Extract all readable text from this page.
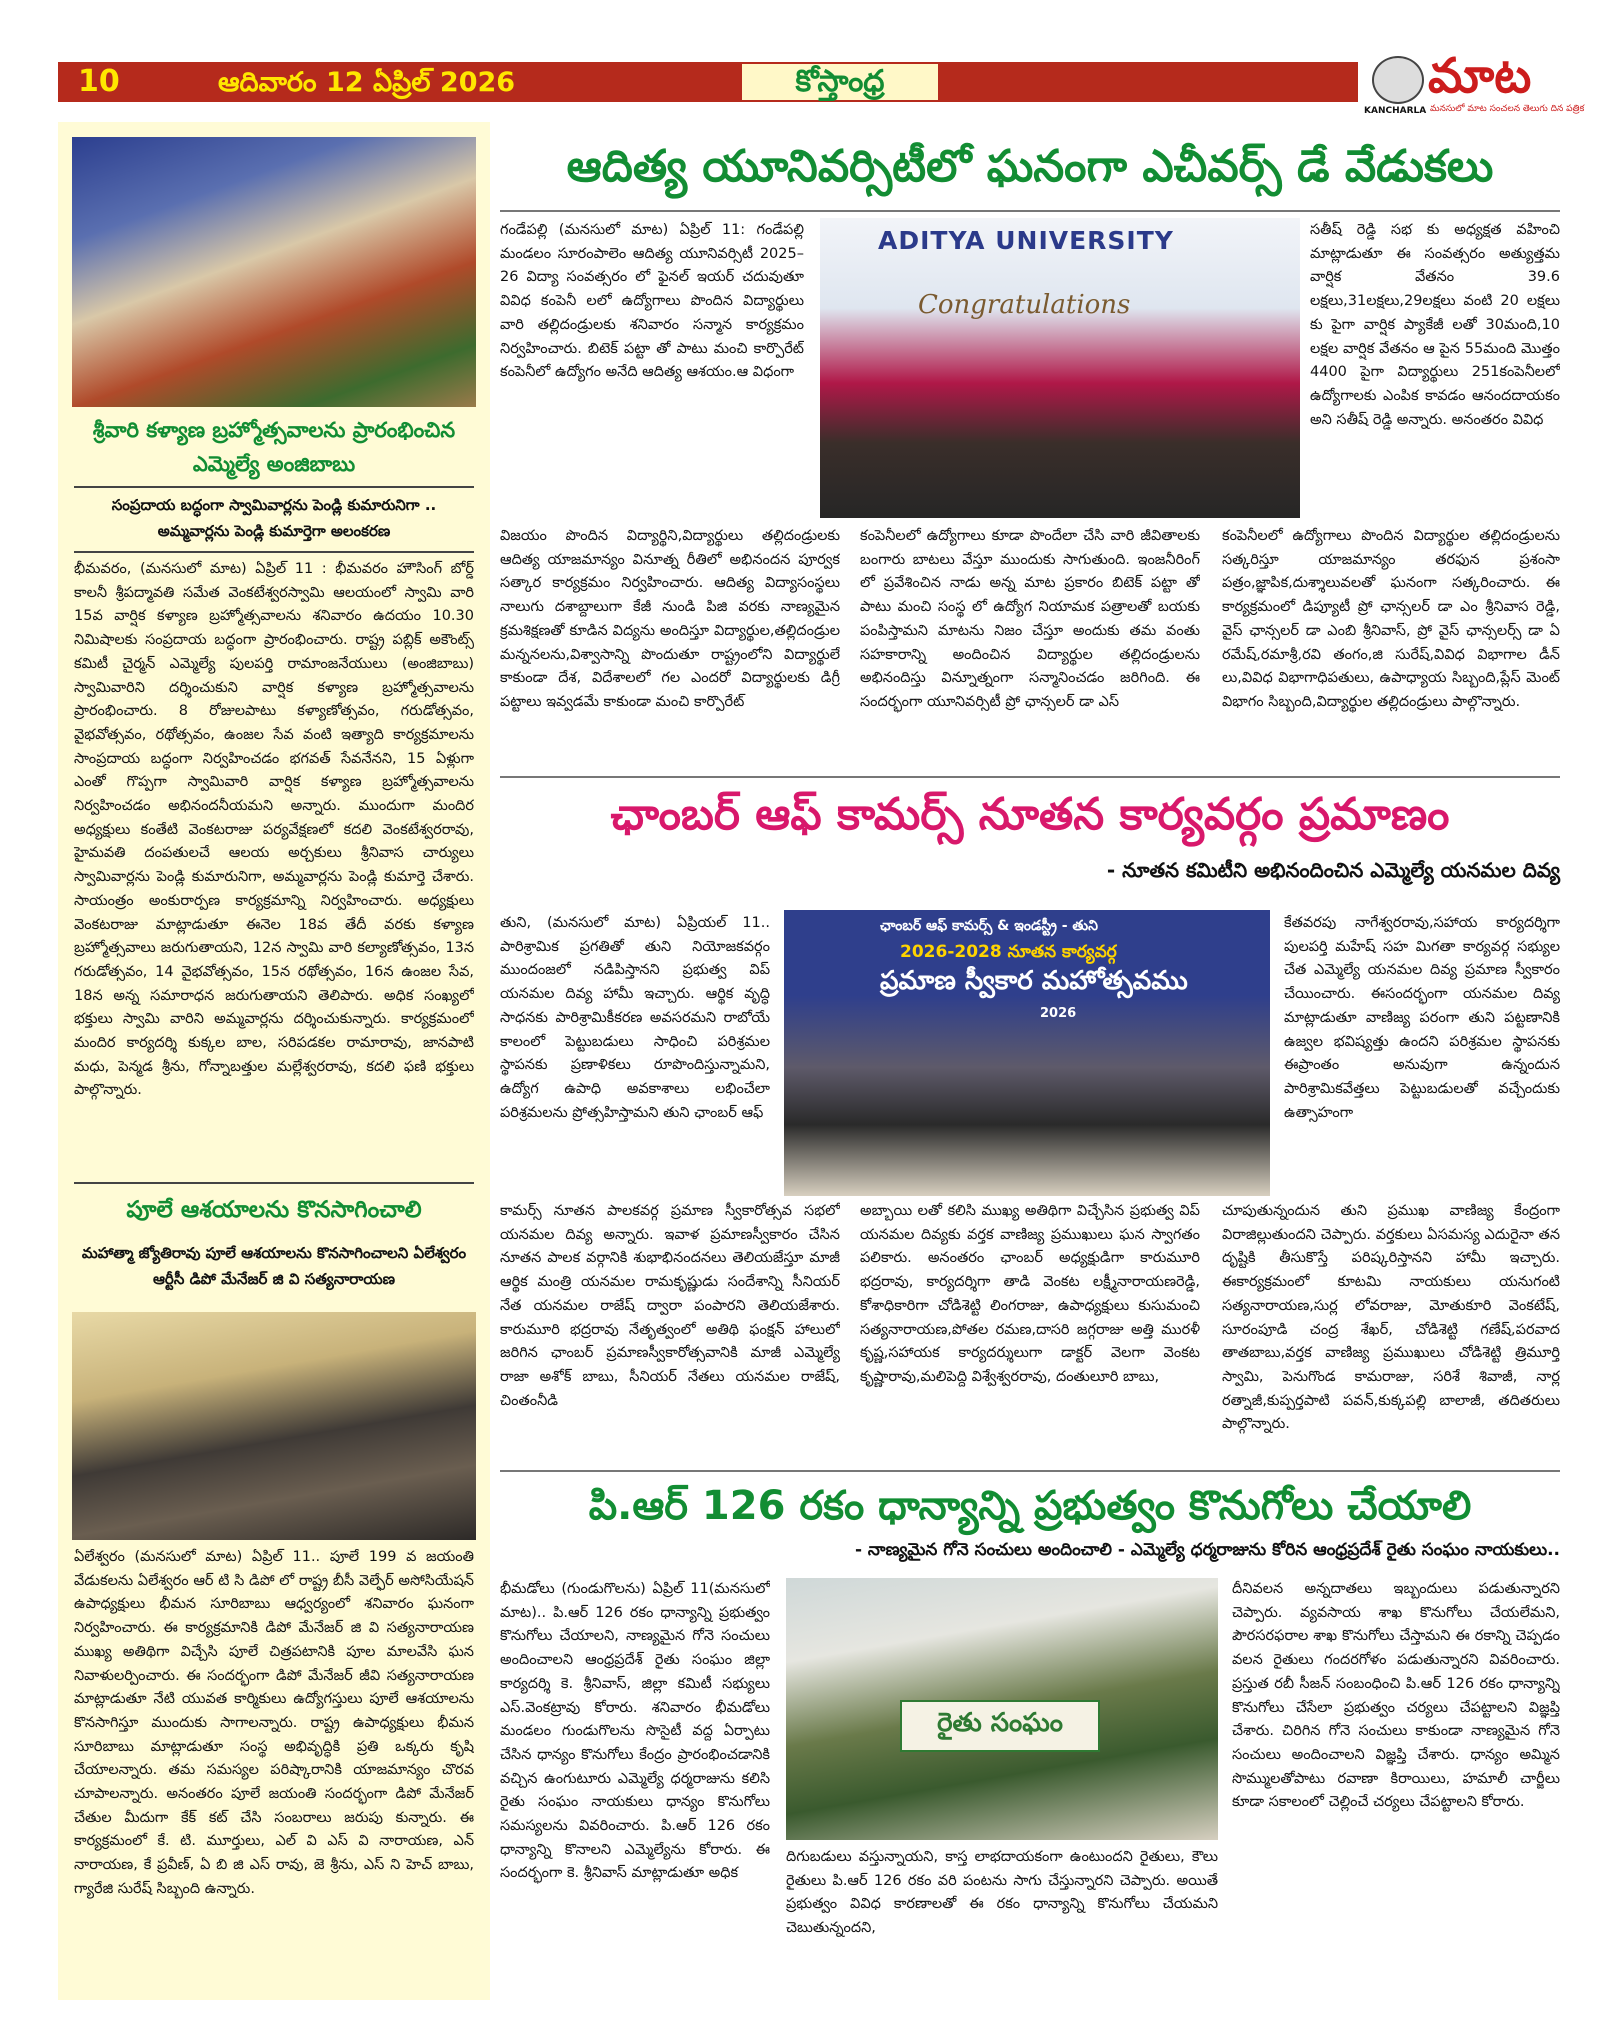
10	ఆదివారం 12 ఏప్రిల్ 2026	కోస్తాంధ్ర
KANCHARLA
మాట
మనసులో మాట సంచలన తెలుగు దిన పత్రిక
శ్రీవారి కళ్యాణ బ్రహ్మోత్సవాలను ప్రారంభించిన ఎమ్మెల్యే అంజిబాబు
సంప్రదాయ బద్ధంగా స్వామివార్లను పెండ్లి కుమారునిగా .. అమ్మవార్లను పెండ్లి కుమార్తెగా అలంకరణ
భీమవరం, (మనసులో మాట) ఏప్రిల్ 11 : భీమవరం హౌసింగ్ బోర్డ్ కాలనీ శ్రీపద్మావతి సమేత వెంకటేశ్వరస్వామి ఆలయంలో స్వామి వారి 15వ వార్షిక కళ్యాణ బ్రహ్మోత్సవాలను శనివారం ఉదయం 10.30 నిమిషాలకు సంప్రదాయ బద్ధంగా ప్రారంభించారు. రాష్ట్ర పబ్లిక్ అకౌంట్స్ కమిటీ చైర్మన్ ఎమ్మెల్యే పులపర్తి రామాంజనేయులు (అంజిబాబు) స్వామివారిని దర్శించుకుని వార్షిక కళ్యాణ బ్రహ్మోత్సవాలను ప్రారంభించారు. 8 రోజులపాటు కళ్యాణోత్సవం, గరుడోత్సవం, వైభవోత్సవం, రథోత్సవం, ఉంజల సేవ వంటి ఇత్యాది కార్యక్రమాలను సాంప్రదాయ బద్ధంగా నిర్వహించడం భగవత్ సేవనేనని, 15 ఏళ్లుగా ఎంతో గొప్పగా స్వామివారి వార్షిక కళ్యాణ బ్రహ్మోత్సవాలను నిర్వహించడం అభినందనీయమని అన్నారు. ముందుగా మందిర అధ్యక్షులు కంతేటి వెంకటరాజు పర్యవేక్షణలో కదలి వెంకటేశ్వరరావు, హైమవతి దంపతులచే ఆలయ అర్చకులు శ్రీనివాస చార్యులు స్వామివార్లను పెండ్లి కుమారునిగా, అమ్మవార్లను పెండ్లి కుమార్తె చేశారు. సాయంత్రం అంకురార్పణ కార్యక్రమాన్ని నిర్వహించారు. అధ్యక్షులు వెంకటరాజు మాట్లాడుతూ ఈనెల 18వ తేదీ వరకు కళ్యాణ బ్రహ్మోత్సవాలు జరుగుతాయని, 12న స్వామి వారి కల్యాణోత్సవం, 13న గరుడోత్సవం, 14 వైభవోత్సవం, 15న రథోత్సవం, 16న ఉంజల సేవ, 18న అన్న సమారాధన జరుగుతాయని తెలిపారు. అధిక సంఖ్యలో భక్తులు స్వామి వారిని అమ్మవార్లను దర్శించుకున్నారు. కార్యక్రమంలో మందిర కార్యదర్శి కుక్కల బాల, సరిపడకల రామారావు, జానపాటి మధు, పెన్మడ శ్రీను, గోన్నాబత్తుల మల్లేశ్వరరావు, కదలి ఫణి భక్తులు పాల్గొన్నారు.
పూలే ఆశయాలను కొనసాగించాలి
మహాత్మా జ్యోతిరావు పూలే ఆశయాలను కొనసాగించాలని ఏలేశ్వరం ఆర్టీసీ డిపో మేనేజర్ జి వి సత్యనారాయణ
ఏలేశ్వరం (మనసులో మాట) ఏప్రిల్ 11.. పూలే 199 వ జయంతి వేడుకలను ఏలేశ్వరం ఆర్ టి సి డిపో లో రాష్ట్ర బీసీ వెల్ఫేర్ అసోసియేషన్ ఉపాధ్యక్షులు భీమన సూరిబాబు ఆధ్వర్యంలో శనివారం ఘనంగా నిర్వహించారు. ఈ కార్యక్రమానికి డిపో మేనేజర్ జి వి సత్యనారాయణ ముఖ్య అతిథిగా విచ్చేసి పూలే చిత్రపటానికి పూల మాలవేసి ఘన నివాళులర్పించారు. ఈ సందర్భంగా డిపో మేనేజర్ జీవి సత్యనారాయణ మాట్లాడుతూ నేటి యువత కార్మికులు ఉద్యోగస్తులు పూలే ఆశయాలను కొనసాగిస్తూ ముందుకు సాగాలన్నారు. రాష్ట్ర ఉపాధ్యక్షులు భీమన సూరిబాబు మాట్లాడుతూ సంస్థ అభివృద్ధికి ప్రతి ఒక్కరు కృషి చేయాలన్నారు. తమ సమస్యల పరిష్కారానికి యాజమాన్యం చొరవ చూపాలన్నారు. అనంతరం పూలే జయంతి సందర్భంగా డిపో మేనేజర్ చేతుల మీదుగా కేక్ కట్ చేసి సంబరాలు జరుపు కున్నారు. ఈ కార్యక్రమంలో కే. టి. మూర్తులు, ఎల్ వి ఎస్ వి నారాయణ, ఎన్ నారాయణ, కే ప్రవీణ్, ఏ బి జి ఎస్ రావు, జె శ్రీను, ఎస్ ని హెచ్ బాబు, గ్యారేజి సురేష్ సిబ్బంది ఉన్నారు.
ఆదిత్య యూనివర్సిటీలో ఘనంగా ఎచీవర్స్ డే వేడుకలు
గండేపల్లి (మనసులో మాట) ఏప్రిల్ 11: గండేపల్లి మండలం సూరంపాలెం ఆదిత్య యూనివర్సిటీ 2025–26 విద్యా సంవత్సరం లో ఫైనల్ ఇయర్ చదువుతూ వివిధ కంపెనీ లలో ఉద్యోగాలు పొందిన విద్యార్థులు వారి తల్లిదండ్రులకు శనివారం సన్మాన కార్యక్రమం నిర్వహించారు. బిటెక్ పట్టా తో పాటు మంచి కార్పొరేట్ కంపెనీలో ఉద్యోగం అనేది ఆదిత్య ఆశయం.ఆ విధంగా
ADITYA UNIVERSITY
Congratulations
సతీష్ రెడ్డి సభ కు అధ్యక్షత వహించి మాట్లాడుతూ ఈ సంవత్సరం అత్యుత్తమ వార్షిక వేతనం 39.6 లక్షలు,31లక్షలు,29లక్షలు వంటి 20 లక్షలు కు పైగా వార్షిక ప్యాకేజీ లతో 30మంది,10 లక్షల వార్షిక వేతనం ఆ పైన 55మంది మొత్తం 4400 పైగా విద్యార్థులు 251కంపెనీలలో ఉద్యోగాలకు ఎంపిక కావడం ఆనందదాయకం అని సతీష్ రెడ్డి అన్నారు. అనంతరం వివిధ
విజయం పొందిన విద్యార్థిని,విద్యార్థులు తల్లిదండ్రులకు ఆదిత్య యాజమాన్యం వినూత్న రీతిలో అభినందన పూర్వక సత్కార కార్యక్రమం నిర్వహించారు. ఆదిత్య విద్యాసంస్థలు నాలుగు దశాబ్దాలుగా కేజీ నుండి పిజి వరకు నాణ్యమైన క్రమశిక్షణతో కూడిన విద్యను అందిస్తూ విద్యార్థుల,తల్లిదండ్రుల మన్ననలను,విశ్వాసాన్ని పొందుతూ రాష్ట్రంలోని విద్యార్థులే కాకుండా దేశ, విదేశాలలో గల ఎందరో విద్యార్థులకు డిగ్రీ పట్టాలు ఇవ్వడమే కాకుండా మంచి కార్పొరేట్
కంపెనీలలో ఉద్యోగాలు కూడా పొందేలా చేసి వారి జీవితాలకు బంగారు బాటలు వేస్తూ ముందుకు సాగుతుంది. ఇంజనీరింగ్ లో ప్రవేశించిన నాడు అన్న మాట ప్రకారం బిటెక్ పట్టా తో పాటు మంచి సంస్థ లో ఉద్యోగ నియామక పత్రాలతో బయకు పంపిస్తామని మాటను నిజం చేస్తూ అందుకు తమ వంతు సహకారాన్ని అందించిన విద్యార్థుల తల్లిదండ్రులను అభినందిస్తు విన్నూత్నంగా సన్మానించడం జరిగింది. ఈ సందర్భంగా యూనివర్సిటీ ప్రో ఛాన్సలర్ డా ఎస్
కంపెనీలలో ఉద్యోగాలు పొందిన విద్యార్థుల తల్లిదండ్రులను సత్కరిస్తూ యాజమాన్యం తరఫున ప్రశంసా పత్రం,జ్ఞాపిక,దుశ్శాలువలతో ఘనంగా సత్కరించారు. ఈ కార్యక్రమంలో డిప్యూటీ ప్రో ఛాన్సలర్ డా ఎం శ్రీనివాస రెడ్డి, వైస్ ఛాన్సలర్ డా ఎంబి శ్రీనివాస్, ప్రో వైస్ ఛాన్సలర్స్ డా ఏ రమేష్,రమాశ్రీ,రవి తంగం,జి సురేష్,వివిధ విభాగాల డీన్ లు,వివిధ విభాగాధిపతులు, ఉపాధ్యాయ సిబ్బంది,ప్లేస్ మెంట్ విభాగం సిబ్బంది,విద్యార్థుల తల్లిదండ్రులు పాల్గొన్నారు.
ఛాంబర్ ఆఫ్ కామర్స్ నూతన కార్యవర్గం ప్రమాణం
- నూతన కమిటీని అభినందించిన ఎమ్మెల్యే యనమల దివ్య
తుని, (మనసులో మాట) ఏప్రియల్ 11.. పారిశ్రామిక ప్రగతితో తుని నియోజకవర్గం ముందంజలో నడిపిస్తానని ప్రభుత్వ విప్ యనమల దివ్య హామీ ఇచ్చారు. ఆర్థిక వృద్ధి సాధనకు పారిశ్రామికీకరణ అవసరమని రాబోయే కాలంలో పెట్టుబడులు సాధించి పరిశ్రమల స్థాపనకు ప్రణాళికలు రూపొందిస్తున్నామని, ఉద్యోగ ఉపాధి అవకాశాలు లభించేలా పరిశ్రమలను ప్రోత్సహిస్తామని తుని ఛాంబర్ ఆఫ్
ఛాంబర్ ఆఫ్ కామర్స్ & ఇండస్ట్రీ - తుని
2026-2028 నూతన కార్యవర్గ
ప్రమాణ స్వీకార మహోత్సవము
2026
కేతవరపు నాగేశ్వరరావు,సహాయ కార్యదర్శిగా పులపర్తి మహేష్ సహ మిగతా కార్యవర్గ సభ్యుల చేత ఎమ్మెల్యే యనమల దివ్య ప్రమాణ స్వీకారం చేయించారు. ఈసందర్భంగా యనమల దివ్య మాట్లాడుతూ వాణిజ్య పరంగా తుని పట్టణానికి ఉజ్వల భవిష్యత్తు ఉందని పరిశ్రమల స్థాపనకు ఈప్రాంతం అనువుగా ఉన్నందున పారిశ్రామికవేత్తలు పెట్టుబడులతో వచ్చేందుకు ఉత్సాహంగా
కామర్స్ నూతన పాలకవర్గ ప్రమాణ స్వీకారోత్సవ సభలో యనమల దివ్య అన్నారు. ఇవాళ ప్రమాణస్వీకారం చేసిన నూతన పాలక వర్గానికి శుభాభినందనలు తెలియజేస్తూ మాజీ ఆర్థిక మంత్రి యనమల రామకృష్ణుడు సందేశాన్ని సీనియర్ నేత యనమల రాజేష్ ద్వారా పంపారని తెలియజేశారు. కారుమూరి భద్రరావు నేతృత్వంలో అతిథి ఫంక్షన్ హాలులో జరిగిన ఛాంబర్ ప్రమాణస్వీకారోత్సవానికి మాజీ ఎమ్మెల్యే రాజా అశోక్ బాబు, సీనియర్ నేతలు యనమల రాజేష్, చింతంనీడి
అబ్బాయి లతో కలిసి ముఖ్య అతిథిగా విచ్చేసిన ప్రభుత్వ విప్ యనమల దివ్యకు వర్తక వాణిజ్య ప్రముఖులు ఘన స్వాగతం పలికారు. అనంతరం ఛాంబర్ అధ్యక్షుడిగా కారుమూరి భద్రరావు, కార్యదర్శిగా తాడి వెంకట లక్ష్మీనారాయణరెడ్డి, కోశాధికారిగా చోడిశెట్టి లింగరాజు, ఉపాధ్యక్షులు కుసుమంచి సత్యనారాయణ,పోతల రమణ,దాసరి జగ్గరాజు అత్తి మురళీ కృష్ణ,సహాయక కార్యదర్శులుగా డాక్టర్ వెలగా వెంకట కృష్ణారావు,మలిపెద్ది విశ్వేశ్వరరావు, దంతులూరి బాబు,
చూపుతున్నందున తుని ప్రముఖ వాణిజ్య కేంద్రంగా విరాజిల్లుతుందని చెప్పారు. వర్తకులు ఏసమస్య ఎదురైనా తన దృష్టికి తీసుకొస్తే పరిష్కరిస్తానని హామీ ఇచ్చారు. ఈకార్యక్రమంలో కూటమి నాయకులు యనుగంటి సత్యనారాయణ,సుర్ల లోవరాజు, మోతుకూరి వెంకటేష్, సూరంపూడి చంద్ర శేఖర్, చోడిశెట్టి గణేష్,పరవాద తాతబాబు,వర్తక వాణిజ్య ప్రముఖులు చోడిశెట్టి త్రిమూర్తి స్వామి, పెనుగొండ కామరాజు, సరిశే శివాజీ, నార్ల రత్నాజీ,కుప్పర్తపాటి పవన్,కుక్కపల్లి బాలాజీ, తదితరులు పాల్గొన్నారు.
పి.ఆర్ 126 రకం ధాన్యాన్ని ప్రభుత్వం కొనుగోలు చేయాలి
- నాణ్యమైన గోనె సంచులు అందించాలి - ఎమ్మెల్యే ధర్మరాజును కోరిన ఆంధ్రప్రదేశ్ రైతు సంఘం నాయకులు..
భీమడోలు (గుండుగొలను) ఏప్రిల్ 11(మనసులో మాట).. పి.ఆర్ 126 రకం ధాన్యాన్ని ప్రభుత్వం కొనుగోలు చేయాలని, నాణ్యమైన గోనె సంచులు అందించాలని ఆంధ్రప్రదేశ్ రైతు సంఘం జిల్లా కార్యదర్శి కె. శ్రీనివాస్, జిల్లా కమిటీ సభ్యులు ఎస్.వెంకట్రావు కోరారు. శనివారం భీమడోలు మండలం గుండుగొలను సొసైటీ వద్ద ఏర్పాటు చేసిన ధాన్యం కొనుగోలు కేంద్రం ప్రారంభించడానికి వచ్చిన ఉంగుటూరు ఎమ్మెల్యే ధర్మరాజును కలిసి రైతు సంఘం నాయకులు ధాన్యం కొనుగోలు సమస్యలను వివరించారు. పి.ఆర్ 126 రకం ధాన్యాన్ని కొనాలని ఎమ్మెల్యేను కోరారు. ఈ సందర్భంగా కె. శ్రీనివాస్ మాట్లాడుతూ అధిక
రైతు సంఘం
దిగుబడులు వస్తున్నాయని, కాస్త లాభదాయకంగా ఉంటుందని రైతులు, కౌలు రైతులు పి.ఆర్ 126 రకం వరి పంటను సాగు చేస్తున్నారని చెప్పారు. అయితే ప్రభుత్వం వివిధ కారణాలతో ఈ రకం ధాన్యాన్ని కొనుగోలు చేయమని చెబుతున్నందని,
దీనివలన అన్నదాతలు ఇబ్బందులు పడుతున్నారని చెప్పారు. వ్యవసాయ శాఖ కొనుగోలు చేయలేమని, పౌరసరఫరాల శాఖ కొనుగోలు చేస్తామని ఈ రకాన్ని చెప్పడం వలన రైతులు గందరగోళం పడుతున్నారని వివరించారు. ప్రస్తుత రబీ సీజన్ సంబంధించి పి.ఆర్ 126 రకం ధాన్యాన్ని కొనుగోలు చేసేలా ప్రభుత్వం చర్యలు చేపట్టాలని విజ్ఞప్తి చేశారు. చిరిగిన గోనె సంచులు కాకుండా నాణ్యమైన గోనె సంచులు అందించాలని విజ్ఞప్తి చేశారు. ధాన్యం అమ్మిన సొమ్ములతోపాటు రవాణా కిరాయిలు, హమాలీ చార్జీలు కూడా సకాలంలో చెల్లించే చర్యలు చేపట్టాలని కోరారు.
